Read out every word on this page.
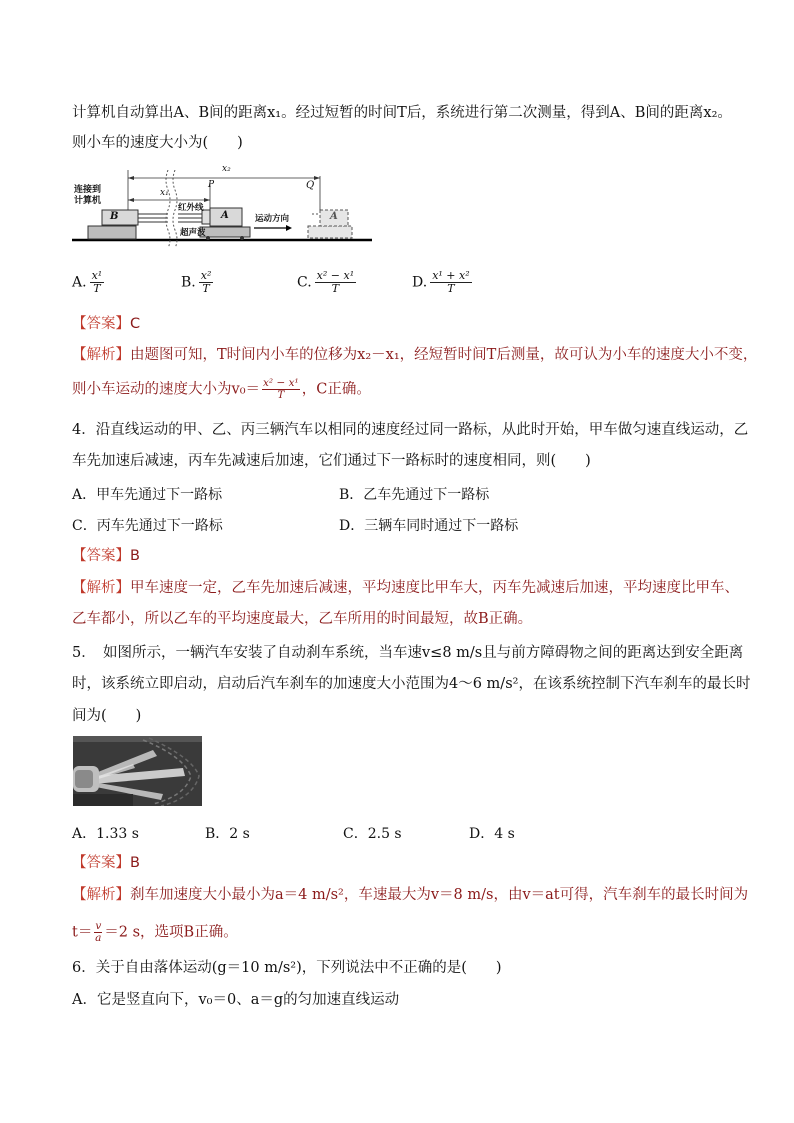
计算机自动算出A、B间的距离x₁。经过短暂的时间T后，系统进行第二次测量，得到A、B间的距离x₂。
则小车的速度大小为(　　)
连接到
计算机
B	A	A
x₂
x₁
P	Q
红外线
超声波
运动方向
A. $\frac{\text{x¹}}{T}$	B. $\frac{\text{x²}}{T}$	C. $\frac{\text{x² − x¹}}{T}$	D. $\frac{\text{x¹ + x²}}{T}$
【答案】C
【解析】由题图可知，T时间内小车的位移为x₂－x₁，经短暂时间T后测量，故可认为小车的速度大小不变，
则小车运动的速度大小为$v_0= \frac{\text{x² − x¹}}{T}$ ，C正确。
4．沿直线运动的甲、乙、丙三辆汽车以相同的速度经过同一路标，从此时开始，甲车做匀速直线运动，乙
车先加速后减速，丙车先减速后加速，它们通过下一路标时的速度相同，则(　　)
A．甲车先通过下一路标	B．乙车先通过下一路标
C．丙车先通过下一路标	D．三辆车同时通过下一路标
【答案】B
【解析】甲车速度一定，乙车先加速后减速，平均速度比甲车大，丙车先减速后加速，平均速度比甲车、
乙车都小，所以乙车的平均速度最大，乙车所用的时间最短，故B正确。
5．　如图所示，一辆汽车安装了自动刹车系统，当车速v≤8 m/s且与前方障碍物之间的距离达到安全距离
时，该系统立即启动，启动后汽车刹车的加速度大小范围为4～6 m/s²，在该系统控制下汽车刹车的最长时
间为(　　)
A．1.33 s	B．2 s	C．2.5 s	D．4 s
【答案】B
【解析】刹车加速度大小最小为a＝4 m/s²，车速最大为v＝8 m/s，由v＝at可得，汽车刹车的最长时间为
$t= \frac{v}{a} =2$ s，选项B正确。
6．关于自由落体运动(g＝10 m/s²)，下列说法中不正确的是(　　)
A．它是竖直向下，v₀＝0、a＝g的匀加速直线运动
